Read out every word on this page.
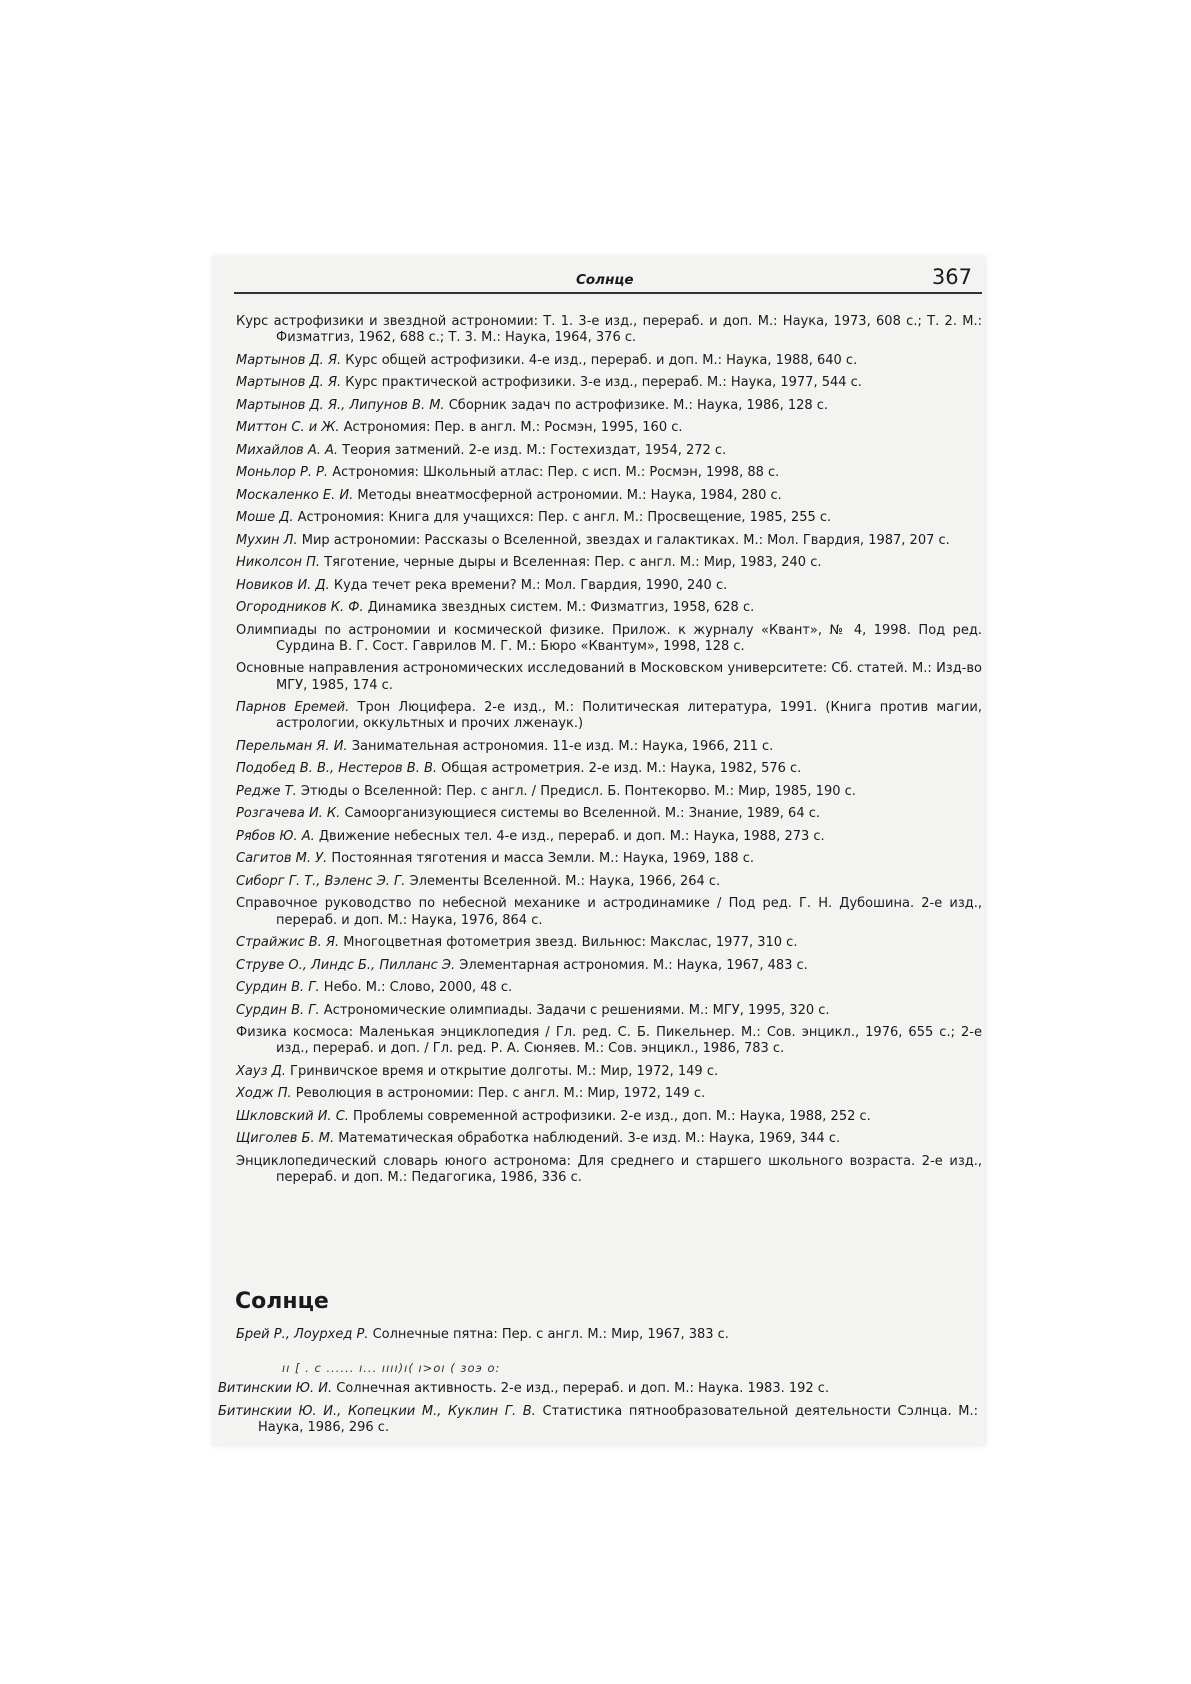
Солнце	367
Курс астрофизики и звездной астрономии: Т. 1. 3-е изд., перераб. и доп. М.: Наука, 1973, 608 с.; Т. 2. М.: Физматгиз, 1962, 688 с.; Т. 3. М.: Наука, 1964, 376 с.
Мартынов Д. Я. Курс общей астрофизики. 4-е изд., перераб. и доп. М.: Наука, 1988, 640 с.
Мартынов Д. Я. Курс практической астрофизики. 3-е изд., перераб. М.: Наука, 1977, 544 с.
Мартынов Д. Я., Липунов В. М. Сборник задач по астрофизике. М.: Наука, 1986, 128 с.
Миттон С. и Ж. Астрономия: Пер. в англ. М.: Росмэн, 1995, 160 с.
Михайлов А. А. Теория затмений. 2-е изд. М.: Гостехиздат, 1954, 272 с.
Моньлор Р. Р. Астрономия: Школьный атлас: Пер. с исп. М.: Росмэн, 1998, 88 с.
Москаленко Е. И. Методы внеатмосферной астрономии. М.: Наука, 1984, 280 с.
Моше Д. Астрономия: Книга для учащихся: Пер. с англ. М.: Просвещение, 1985, 255 с.
Мухин Л. Мир астрономии: Рассказы о Вселенной, звездах и галактиках. М.: Мол. Гвардия, 1987, 207 с.
Николсон П. Тяготение, черные дыры и Вселенная: Пер. с англ. М.: Мир, 1983, 240 с.
Новиков И. Д. Куда течет река времени? М.: Мол. Гвардия, 1990, 240 с.
Огородников К. Ф. Динамика звездных систем. М.: Физматгиз, 1958, 628 с.
Олимпиады по астрономии и космической физике. Прилож. к журналу «Квант», № 4, 1998. Под ред. Сурдина В. Г. Сост. Гаврилов М. Г. М.: Бюро «Квантум», 1998, 128 с.
Основные направления астрономических исследований в Московском университете: Сб. статей. М.: Изд-во МГУ, 1985, 174 с.
Парнов Еремей. Трон Люцифера. 2-е изд., М.: Политическая литература, 1991. (Книга против магии, астрологии, оккультных и прочих лженаук.)
Перельман Я. И. Занимательная астрономия. 11-е изд. М.: Наука, 1966, 211 с.
Подобед В. В., Нестеров В. В. Общая астрометрия. 2-е изд. М.: Наука, 1982, 576 с.
Редже Т. Этюды о Вселенной: Пер. с англ. / Предисл. Б. Понтекорво. М.: Мир, 1985, 190 с.
Розгачева И. К. Самоорганизующиеся системы во Вселенной. М.: Знание, 1989, 64 с.
Рябов Ю. А. Движение небесных тел. 4-е изд., перераб. и доп. М.: Наука, 1988, 273 с.
Сагитов М. У. Постоянная тяготения и масса Земли. М.: Наука, 1969, 188 с.
Сиборг Г. Т., Вэленс Э. Г. Элементы Вселенной. М.: Наука, 1966, 264 с.
Справочное руководство по небесной механике и астродинамике / Под ред. Г. Н. Дубошина. 2-е изд., перераб. и доп. М.: Наука, 1976, 864 с.
Страйжис В. Я. Многоцветная фотометрия звезд. Вильнюс: Макслас, 1977, 310 с.
Струве О., Линдс Б., Пилланс Э. Элементарная астрономия. М.: Наука, 1967, 483 с.
Сурдин В. Г. Небо. М.: Слово, 2000, 48 с.
Сурдин В. Г. Астрономические олимпиады. Задачи с решениями. М.: МГУ, 1995, 320 с.
Физика космоса: Маленькая энциклопедия / Гл. ред. С. Б. Пикельнер. М.: Сов. энцикл., 1976, 655 с.; 2-е изд., перераб. и доп. / Гл. ред. Р. А. Сюняев. М.: Сов. энцикл., 1986, 783 с.
Хауз Д. Гринвичское время и открытие долготы. М.: Мир, 1972, 149 с.
Ходж П. Революция в астрономии: Пер. с англ. М.: Мир, 1972, 149 с.
Шкловский И. С. Проблемы современной астрофизики. 2-е изд., доп. М.: Наука, 1988, 252 с.
Щиголев Б. М. Математическая обработка наблюдений. 3-е изд. М.: Наука, 1969, 344 с.
Энциклопедический словарь юного астронома: Для среднего и старшего школьного возраста. 2-е изд., перераб. и доп. М.: Педагогика, 1986, 336 с.
Солнце
Брей Р., Лоурхед Р. Солнечные пятна: Пер. с англ. М.: Мир, 1967, 383 с.
ıı [ . c ...... ı... ıııı)ı( ı>oı ( зоэ o:
Витинскии Ю. И. Солнечная активность. 2-е изд., перераб. и доп. М.: Наука. 1983. 192 с.
Битинскии Ю. И., Копецкии М., Куклин Г. В. Статистика пятнообразовательной деятельности Сɔлнца. М.: Наука, 1986, 296 с.
